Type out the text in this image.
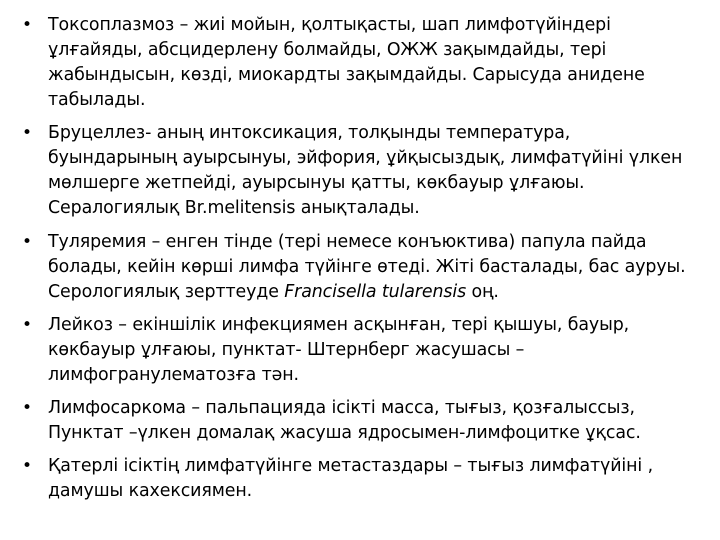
• Токсоплазмоз – жиі мойын, қолтықасты, шап лимфотүйіндері ұлғайяды, абсцидерлену болмайды, ОЖЖ зақымдайды, тері жабындысын, көзді, миокардты зақымдайды. Сарысуда анидене табылады.
• Бруцеллез- аның интоксикация, толқынды температура, буындарының ауырсынуы, эйфория, ұйқысыздық, лимфатүйіні үлкен мөлшерге жетпейді, ауырсынуы қатты, көкбауыр ұлғаюы. Сералогиялық Br.melitensis анықталады.
• Туляремия – енген тінде (тері немесе конъюктива) папула пайда болады, кейін көрші лимфа түйінге өтеді. Жіті басталады, бас ауруы. Серологиялық зерттеуде Francisella tularensis оң.
• Лейкоз – екіншілік инфекциямен асқынған, тері қышуы, бауыр, көкбауыр ұлғаюы, пунктат- Штернберг жасушасы – лимфогранулематозға тән.
• Лимфосаркома – пальпацияда ісікті масса, тығыз, қозғалыссыз, Пунктат –үлкен домалақ жасуша ядросымен-лимфоцитке ұқсас.
• Қатерлі ісіктің лимфатүйінге метастаздары – тығыз лимфатүйіні , дамушы кахексиямен.
